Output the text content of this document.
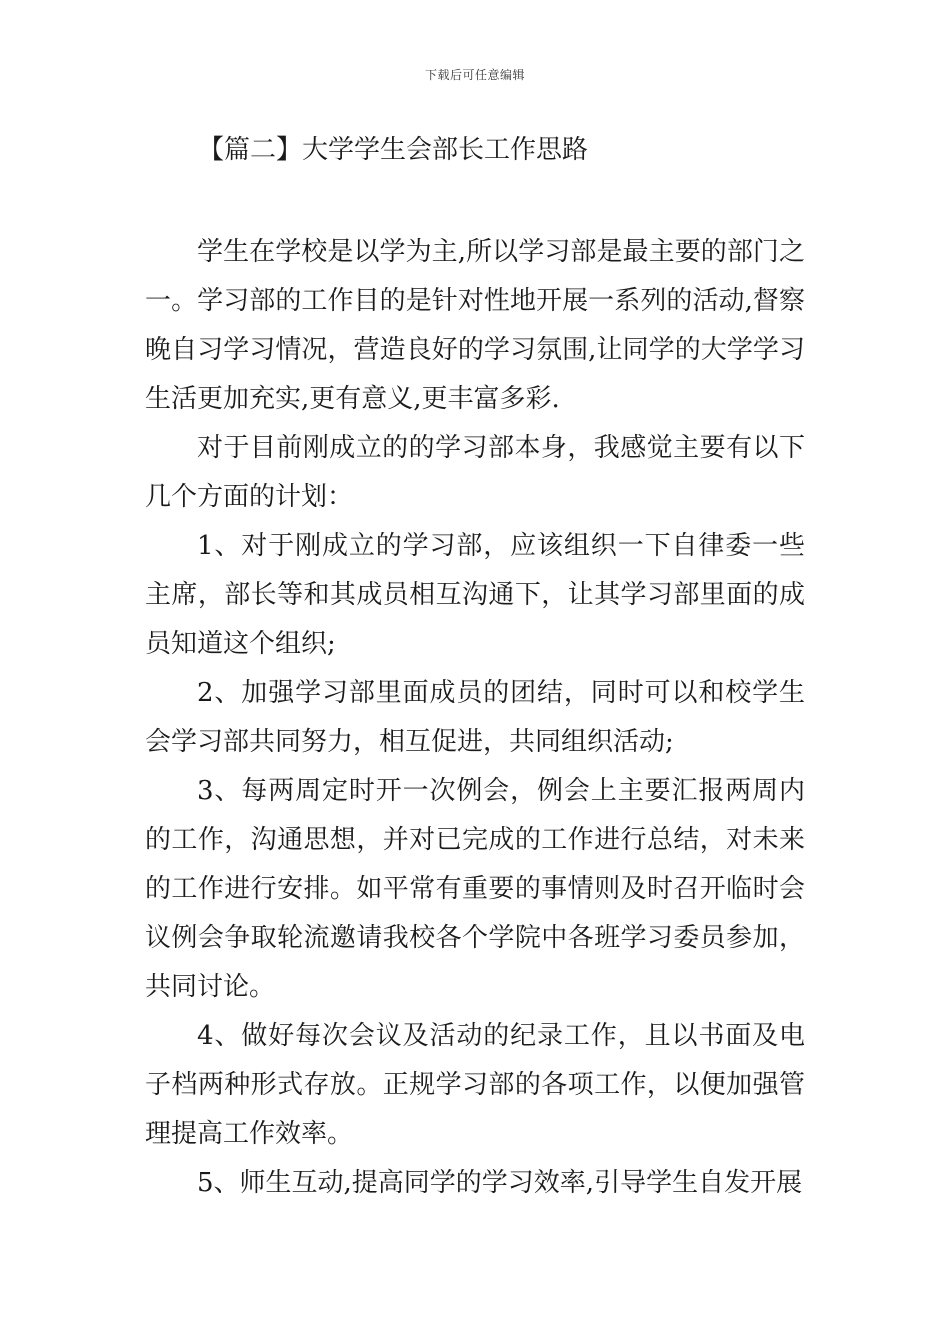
下载后可任意编辑
【篇二】大学学生会部长工作思路

学生在学校是以学为主,所以学习部是最主要的部门之一。学习部的工作目的是针对性地开展一系列的活动,督察晚自习学习情况，营造良好的学习氛围,让同学的大学学习生活更加充实,更有意义,更丰富多彩.

对于目前刚成立的的学习部本身，我感觉主要有以下几个方面的计划：

1、对于刚成立的学习部，应该组织一下自律委一些主席，部长等和其成员相互沟通下，让其学习部里面的成员知道这个组织;

2、加强学习部里面成员的团结，同时可以和校学生会学习部共同努力，相互促进，共同组织活动;

3、每两周定时开一次例会，例会上主要汇报两周内的工作，沟通思想，并对已完成的工作进行总结，对未来的工作进行安排。如平常有重要的事情则及时召开临时会议例会争取轮流邀请我校各个学院中各班学习委员参加，共同讨论。

4、做好每次会议及活动的纪录工作，且以书面及电子档两种形式存放。正规学习部的各项工作，以便加强管理提高工作效率。

5、师生互动,提高同学的学习效率,引导学生自发开展
